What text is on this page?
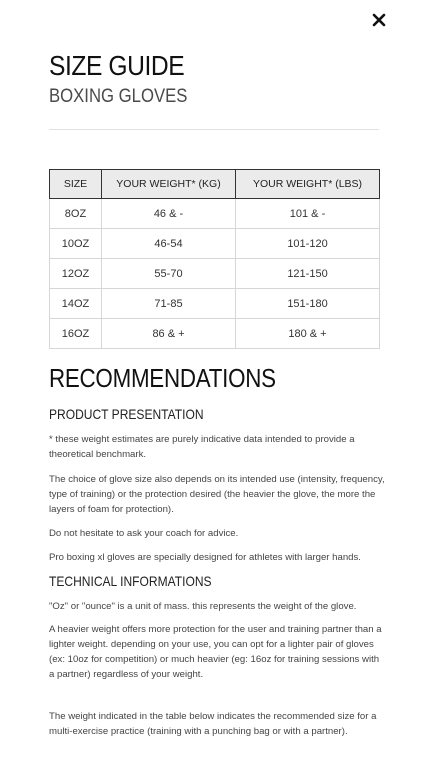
SIZE GUIDE
BOXING GLOVES
SIZE	YOUR WEIGHT* (KG)	YOUR WEIGHT* (LBS)
8OZ	46 & -	101 & -
10OZ	46-54	101-120
12OZ	55-70	121-150
14OZ	71-85	151-180
16OZ	86 & +	180 & +
RECOMMENDATIONS
PRODUCT PRESENTATION

* these weight estimates are purely indicative data intended to provide a theoretical benchmark.

The choice of glove size also depends on its intended use (intensity, frequency, type of training) or the protection desired (the heavier the glove, the more the layers of foam for protection).

Do not hesitate to ask your coach for advice.

Pro boxing xl gloves are specially designed for athletes with larger hands.

TECHNICAL INFORMATIONS

"Oz" or "ounce" is a unit of mass. this represents the weight of the glove.

A heavier weight offers more protection for the user and training partner than a lighter weight. depending on your use, you can opt for a lighter pair of gloves (ex: 10oz for competition) or much heavier (eg: 16oz for training sessions with a partner) regardless of your weight.

The weight indicated in the table below indicates the recommended size for a multi-exercise practice (training with a punching bag or with a partner).
